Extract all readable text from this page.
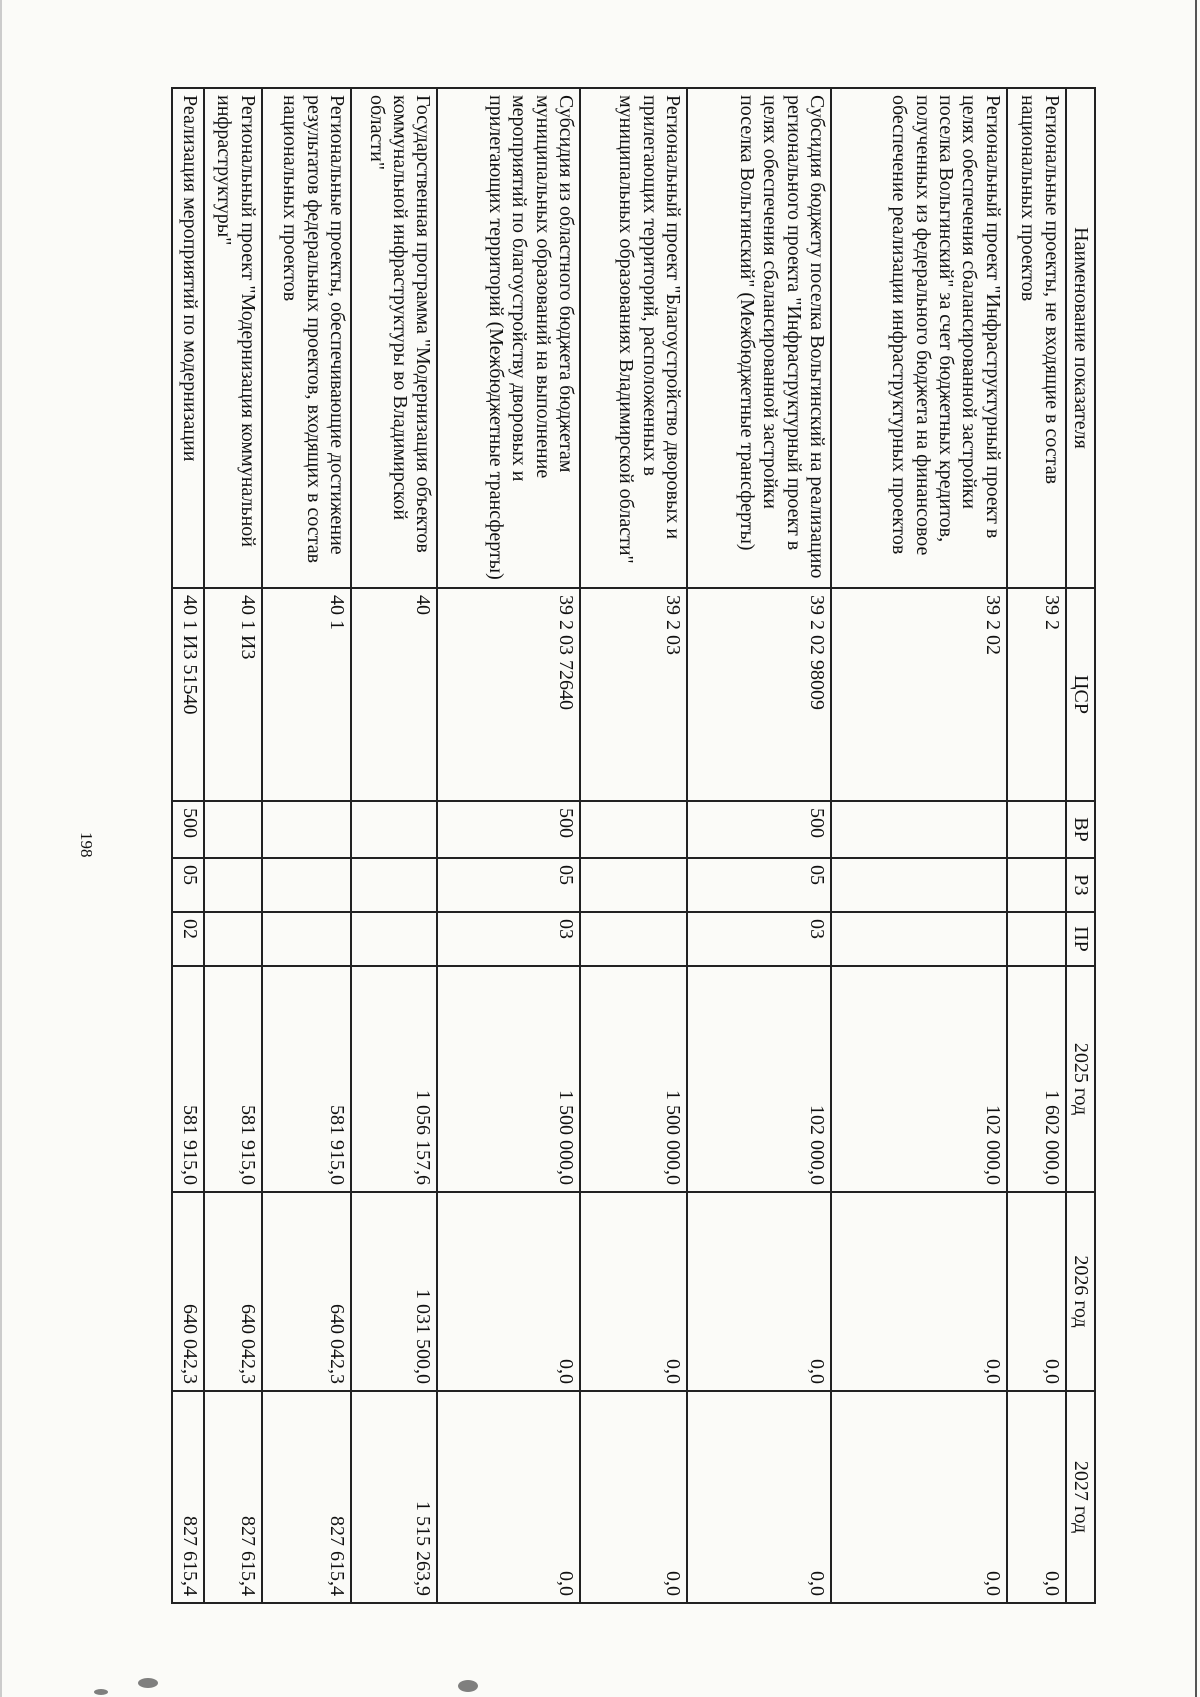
198
Наименование показателя	ЦСР	ВР	РЗ	ПР	2025 год	2026 год	2027 год
Региональные проекты, не входящие в состав национальных проектов	39 2				1 602 000,0	0,0	0,0
Региональный проект "Инфраструктурный проект в целях обеспечения сбалансированной застройки поселка Вольгинский" за счет бюджетных кредитов, полученных из федерального бюджета на финансовое обеспечение реализации инфраструктурных проектов	39 2 02				102 000,0	0,0	0,0
Субсидия бюджету поселка Вольгинский на реализацию регионального проекта "Инфраструктурный проект в целях обеспечения сбалансированной застройки поселка Вольгинский" (Межбюджетные трансферты)	39 2 02 98009	500	05	03	102 000,0	0,0	0,0
Региональный проект "Благоустройство дворовых и прилегающих территорий, расположенных в муниципальных образованиях Владимирской области"	39 2 03				1 500 000,0	0,0	0,0
Субсидия из областного бюджета бюджетам муниципальных образований на выполнение мероприятий по благоустройству дворовых и прилегающих территорий (Межбюджетные трансферты)	39 2 03 72640	500	05	03	1 500 000,0	0,0	0,0
Государственная программа "Модернизация объектов коммунальной инфраструктуры во Владимирской области"	40				1 056 157,6	1 031 500,0	1 515 263,9
Региональные проекты, обеспечивающие достижение результатов федеральных проектов, входящих в состав национальных проектов	40 1				581 915,0	640 042,3	827 615,4
Региональный проект "Модернизация коммунальной инфраструктуры"	40 1 И3				581 915,0	640 042,3	827 615,4
Реализация мероприятий по модернизации	40 1 И3 51540	500	05	02	581 915,0	640 042,3	827 615,4
